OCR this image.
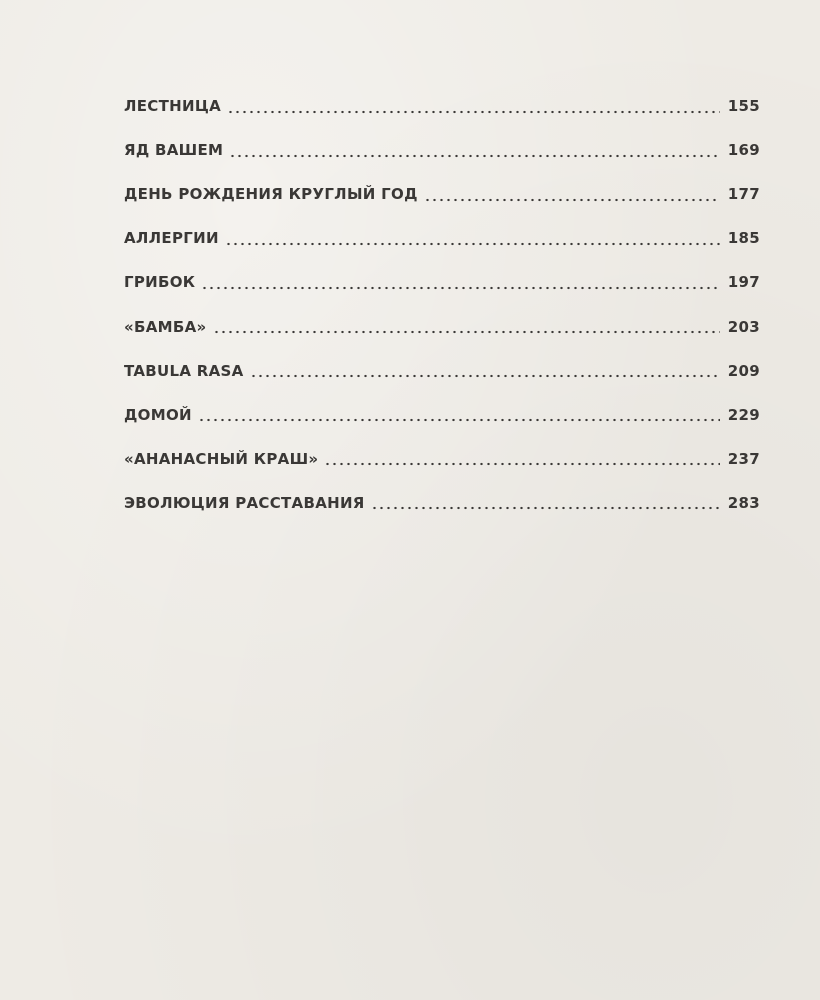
ЛЕСТНИЦА	155
ЯД ВАШЕМ	169
ДЕНЬ РОЖДЕНИЯ КРУГЛЫЙ ГОД	177
АЛЛЕРГИИ	185
ГРИБОК	197
«БАМБА»	203
TABULA RASA	209
ДОМОЙ	229
«АНАНАСНЫЙ КРАШ»	237
ЭВОЛЮЦИЯ РАССТАВАНИЯ	283
